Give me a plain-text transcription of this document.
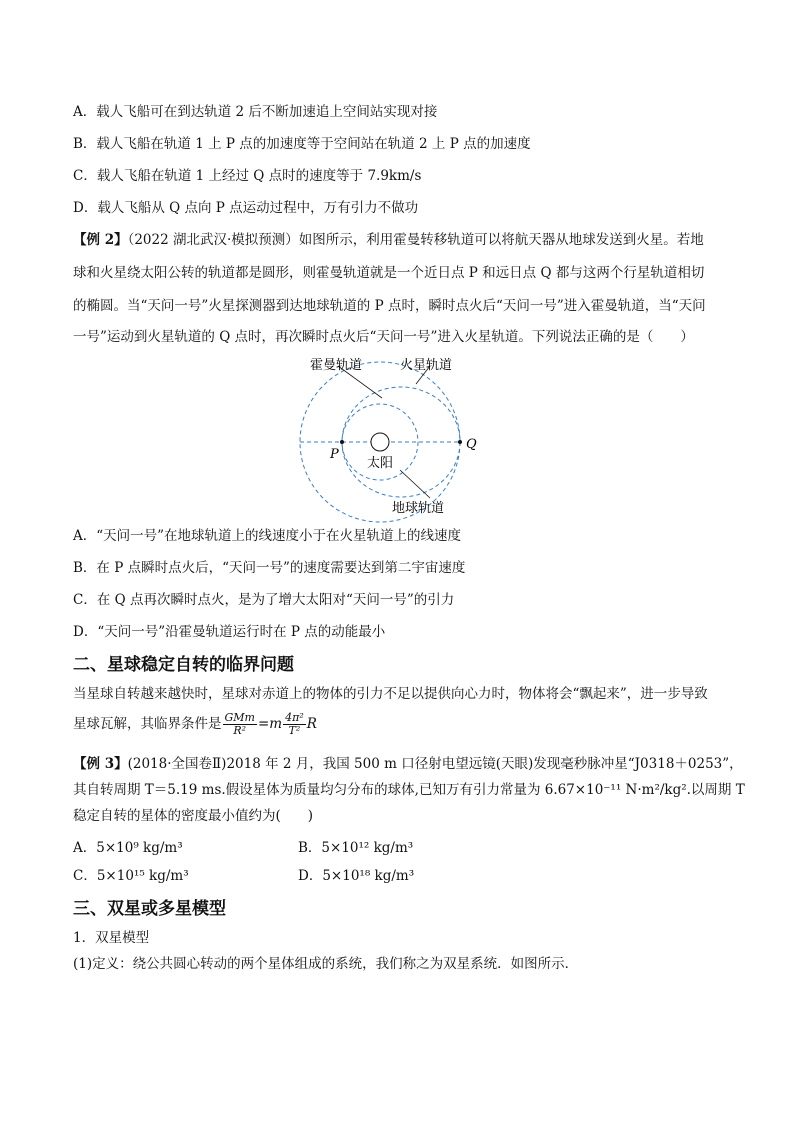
A．载人飞船可在到达轨道 2 后不断加速追上空间站实现对接
B．载人飞船在轨道 1 上 P 点的加速度等于空间站在轨道 2 上 P 点的加速度
C．载人飞船在轨道 1 上经过 Q 点时的速度等于 7.9km/s
D．载人飞船从 Q 点向 P 点运动过程中，万有引力不做功
【例 2】（2022 湖北武汉·模拟预测）如图所示，利用霍曼转移轨道可以将航天器从地球发送到火星。若地
球和火星绕太阳公转的轨道都是圆形，则霍曼轨道就是一个近日点 P 和远日点 Q 都与这两个行星轨道相切
的椭圆。当“天问一号”火星探测器到达地球轨道的 P 点时，瞬时点火后“天问一号”进入霍曼轨道，当“天问
一号”运动到火星轨道的 Q 点时，再次瞬时点火后“天问一号”进入火星轨道。下列说法正确的是（　　）
霍曼轨道	火星轨道
地球轨道
太阳
P
Q
A．“天问一号”在地球轨道上的线速度小于在火星轨道上的线速度
B．在 P 点瞬时点火后，“天问一号”的速度需要达到第二宇宙速度
C．在 Q 点再次瞬时点火，是为了增大太阳对“天问一号”的引力
D．“天问一号”沿霍曼轨道运行时在 P 点的动能最小
二、星球稳定自转的临界问题
当星球自转越来越快时，星球对赤道上的物体的引力不足以提供向心力时，物体将会“飘起来”，进一步导致
星球瓦解，其临界条件是 $\frac{\text{GMm}}{\text{R²}} =m \frac{\text{4π²}}{\text{T²}}$ R
【例 3】(2018·全国卷Ⅱ)2018 年 2 月，我国 500 m 口径射电望远镜(天眼)发现毫秒脉冲星“J0318＋0253”，
其自转周期 T＝5.19 ms.假设星体为质量均匀分布的球体,已知万有引力常量为 6.67×10⁻¹¹ N·m²/kg².以周期 T
稳定自转的星体的密度最小值约为(　　)
A．5×10⁹ kg/m³	B．5×10¹² kg/m³
C．5×10¹⁵ kg/m³	D．5×10¹⁸ kg/m³
三、双星或多星模型
1．双星模型
(1)定义：绕公共圆心转动的两个星体组成的系统，我们称之为双星系统．如图所示．
